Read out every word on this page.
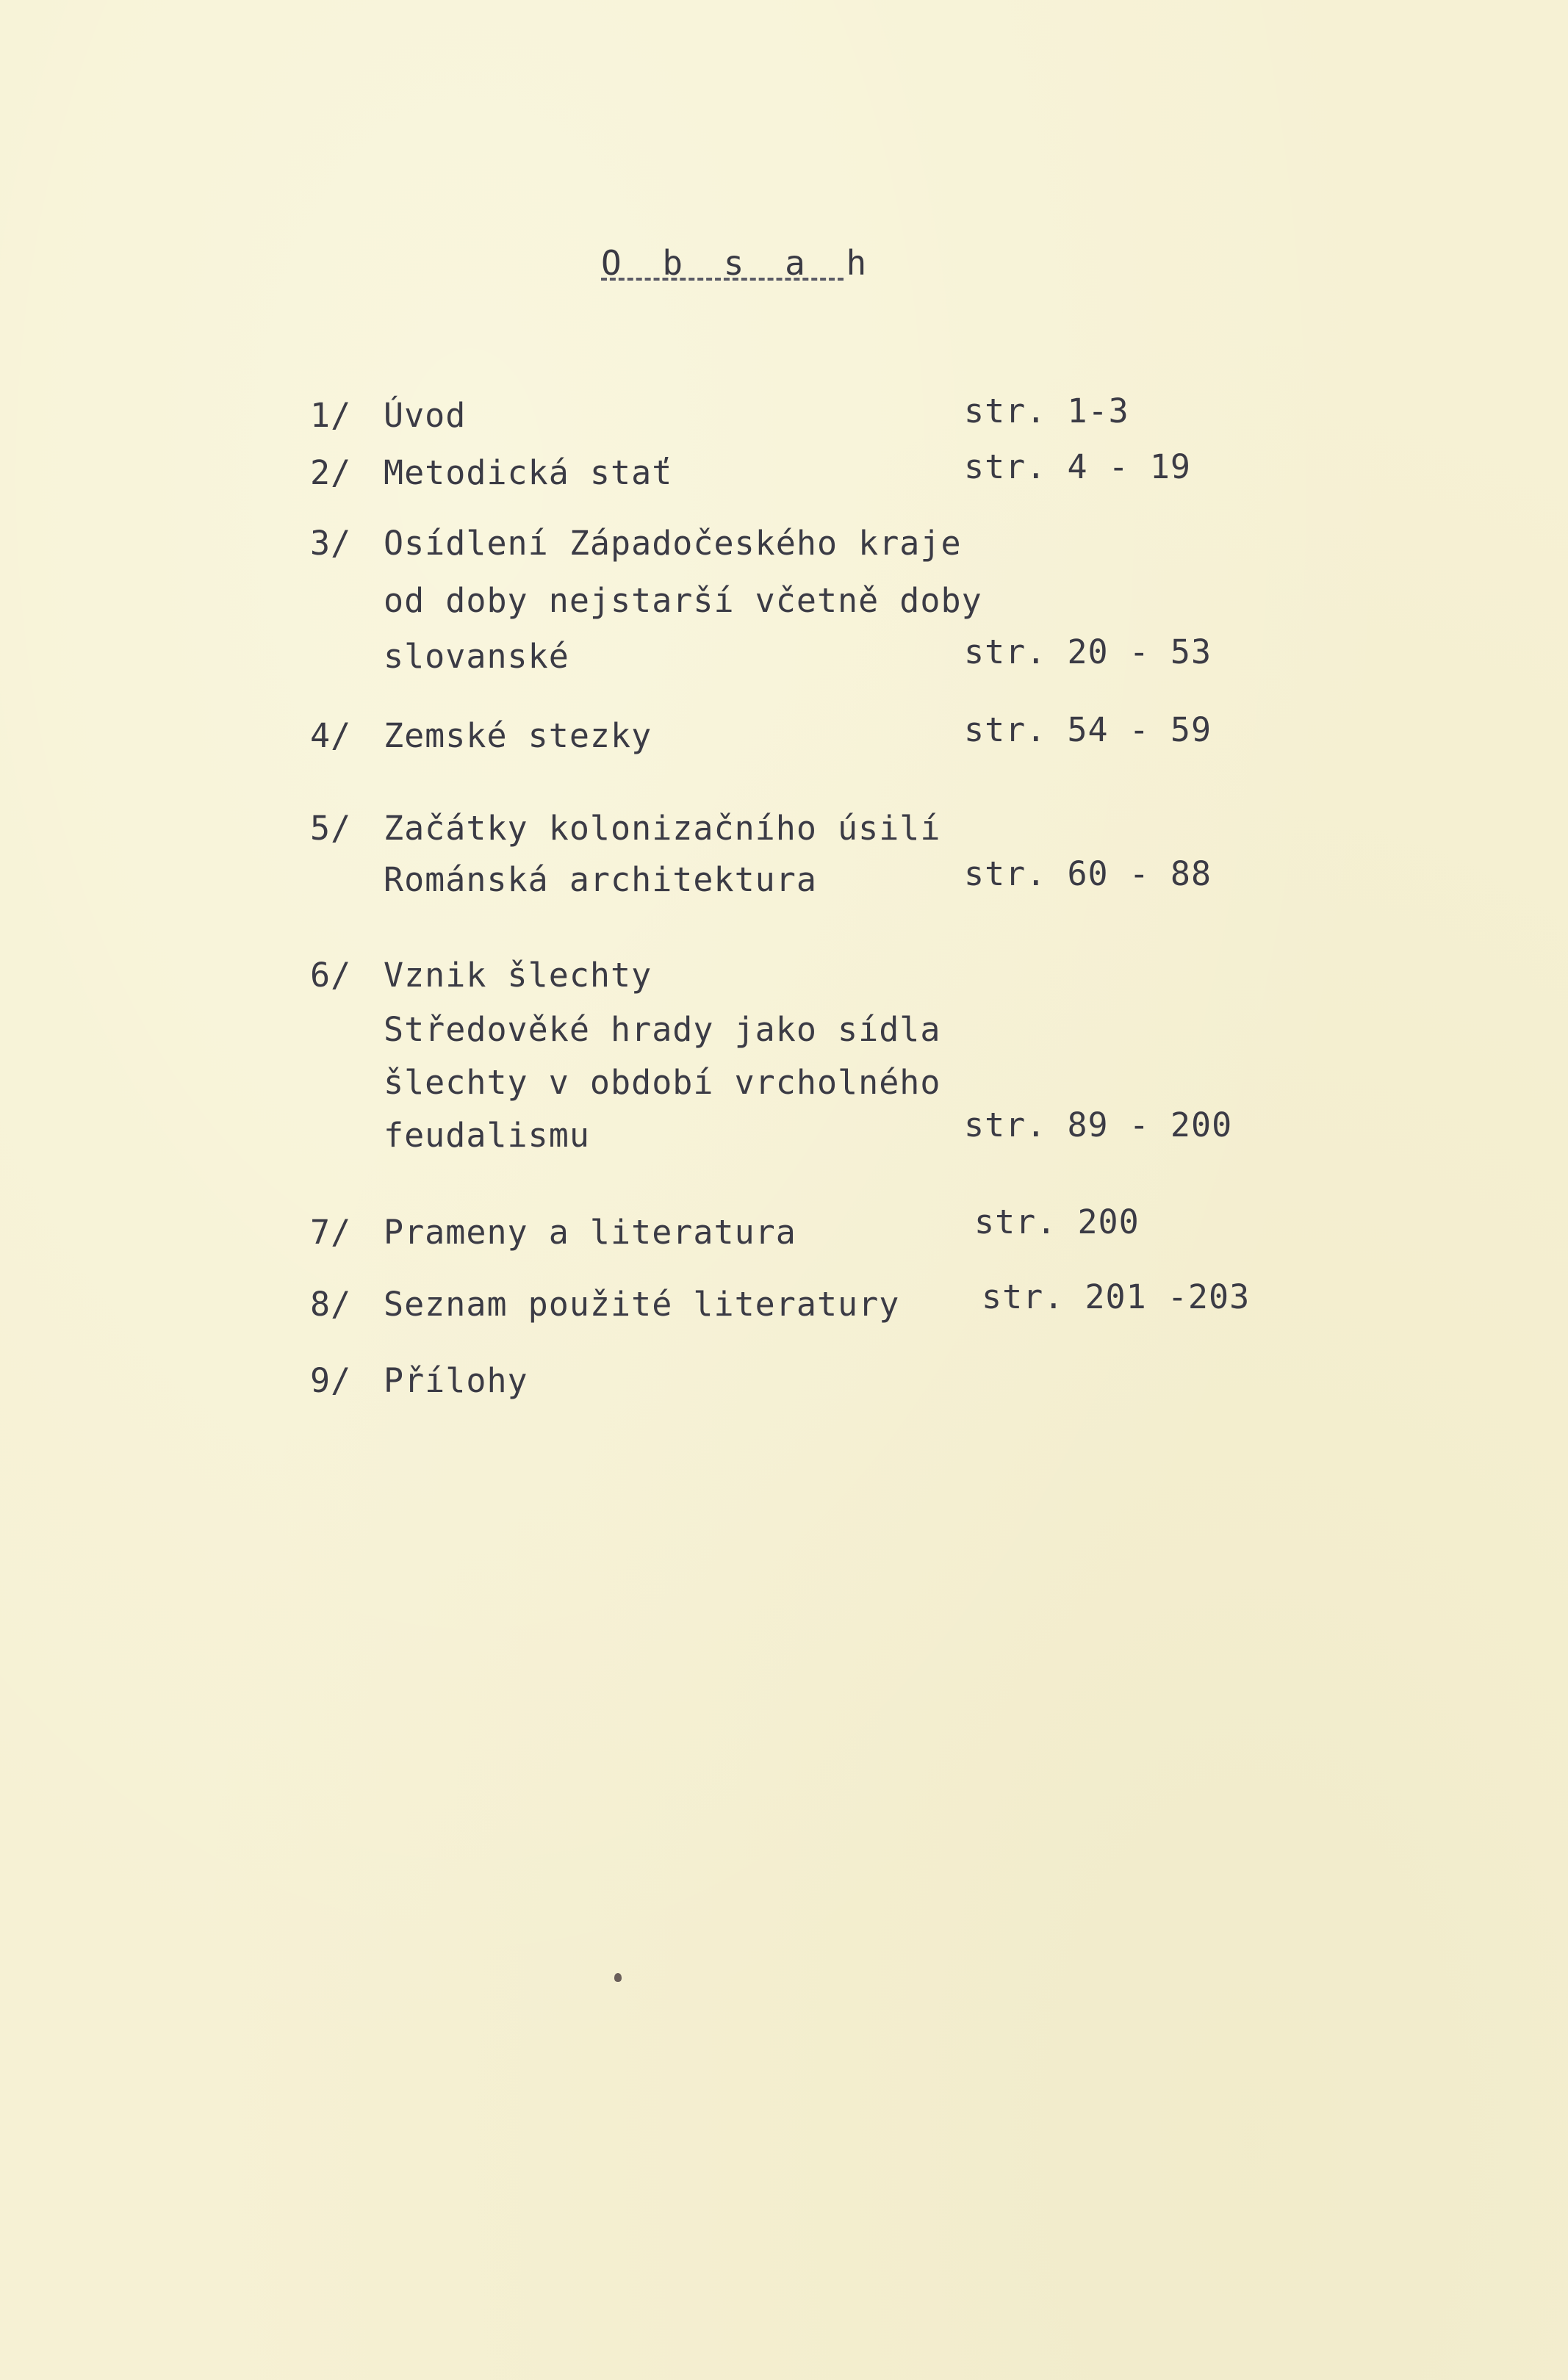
O b s a h
1/ Úvod	str. 1-3
2/ Metodická stať	str. 4 - 19
3/ Osídlení Západočeského kraje
od doby nejstarší včetně doby
slovanské	str. 20 - 53
4/ Zemské stezky	str. 54 - 59
5/ Začátky kolonizačního úsilí
Románská architektura	str. 60 - 88
6/ Vznik šlechty
Středověké hrady jako sídla
šlechty v období vrcholného
feudalismu	str. 89 - 200
7/ Prameny a literatura	str. 200
8/ Seznam použité literatury str. 201 -203
9/ Přílohy
